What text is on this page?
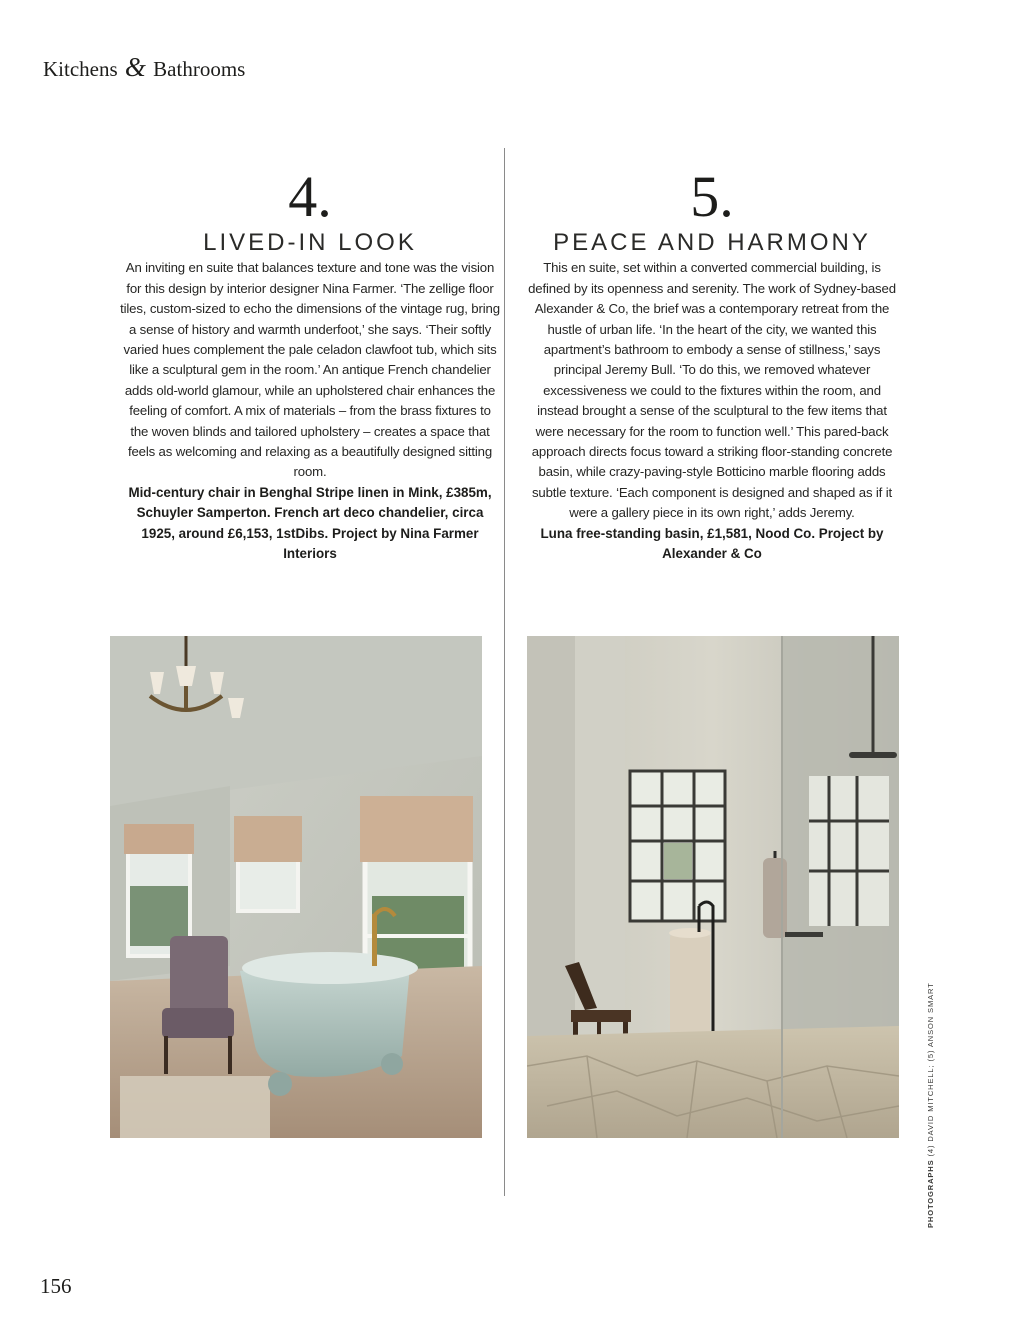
Kitchens & Bathrooms
4.
LIVED-IN LOOK

An inviting en suite that balances texture and tone was the vision for this design by interior designer Nina Farmer. ‘The zellige floor tiles, custom-sized to echo the dimensions of the vintage rug, bring a sense of history and warmth underfoot,’ she says. ‘Their softly varied hues complement the pale celadon clawfoot tub, which sits like a sculptural gem in the room.’ An antique French chandelier adds old-world glamour, while an upholstered chair enhances the feeling of comfort. A mix of materials – from the brass fixtures to the woven blinds and tailored upholstery – creates a space that feels as welcoming and relaxing as a beautifully designed sitting room.

Mid-century chair in Benghal Stripe linen in Mink, £385m, Schuyler Samperton. French art deco chandelier, circa 1925, around £6,153, 1stDibs. Project by Nina Farmer Interiors

5.
PEACE AND HARMONY

This en suite, set within a converted commercial building, is defined by its openness and serenity. The work of Sydney-based Alexander & Co, the brief was a contemporary retreat from the hustle of urban life. ‘In the heart of the city, we wanted this apartment’s bathroom to embody a sense of stillness,’ says principal Jeremy Bull. ‘To do this, we removed whatever excessiveness we could to the fixtures within the room, and instead brought a sense of the sculptural to the few items that were necessary for the room to function well.’ This pared-back approach directs focus toward a striking floor-standing concrete basin, while crazy-paving-style Botticino marble flooring adds subtle texture. ‘Each component is designed and shaped as if it were a gallery piece in its own right,’ adds Jeremy.

Luna free-standing basin, £1,581, Nood Co. Project by Alexander & Co

PHOTOGRAPHS (4) DAVID MITCHELL; (5) ANSON SMART
156
